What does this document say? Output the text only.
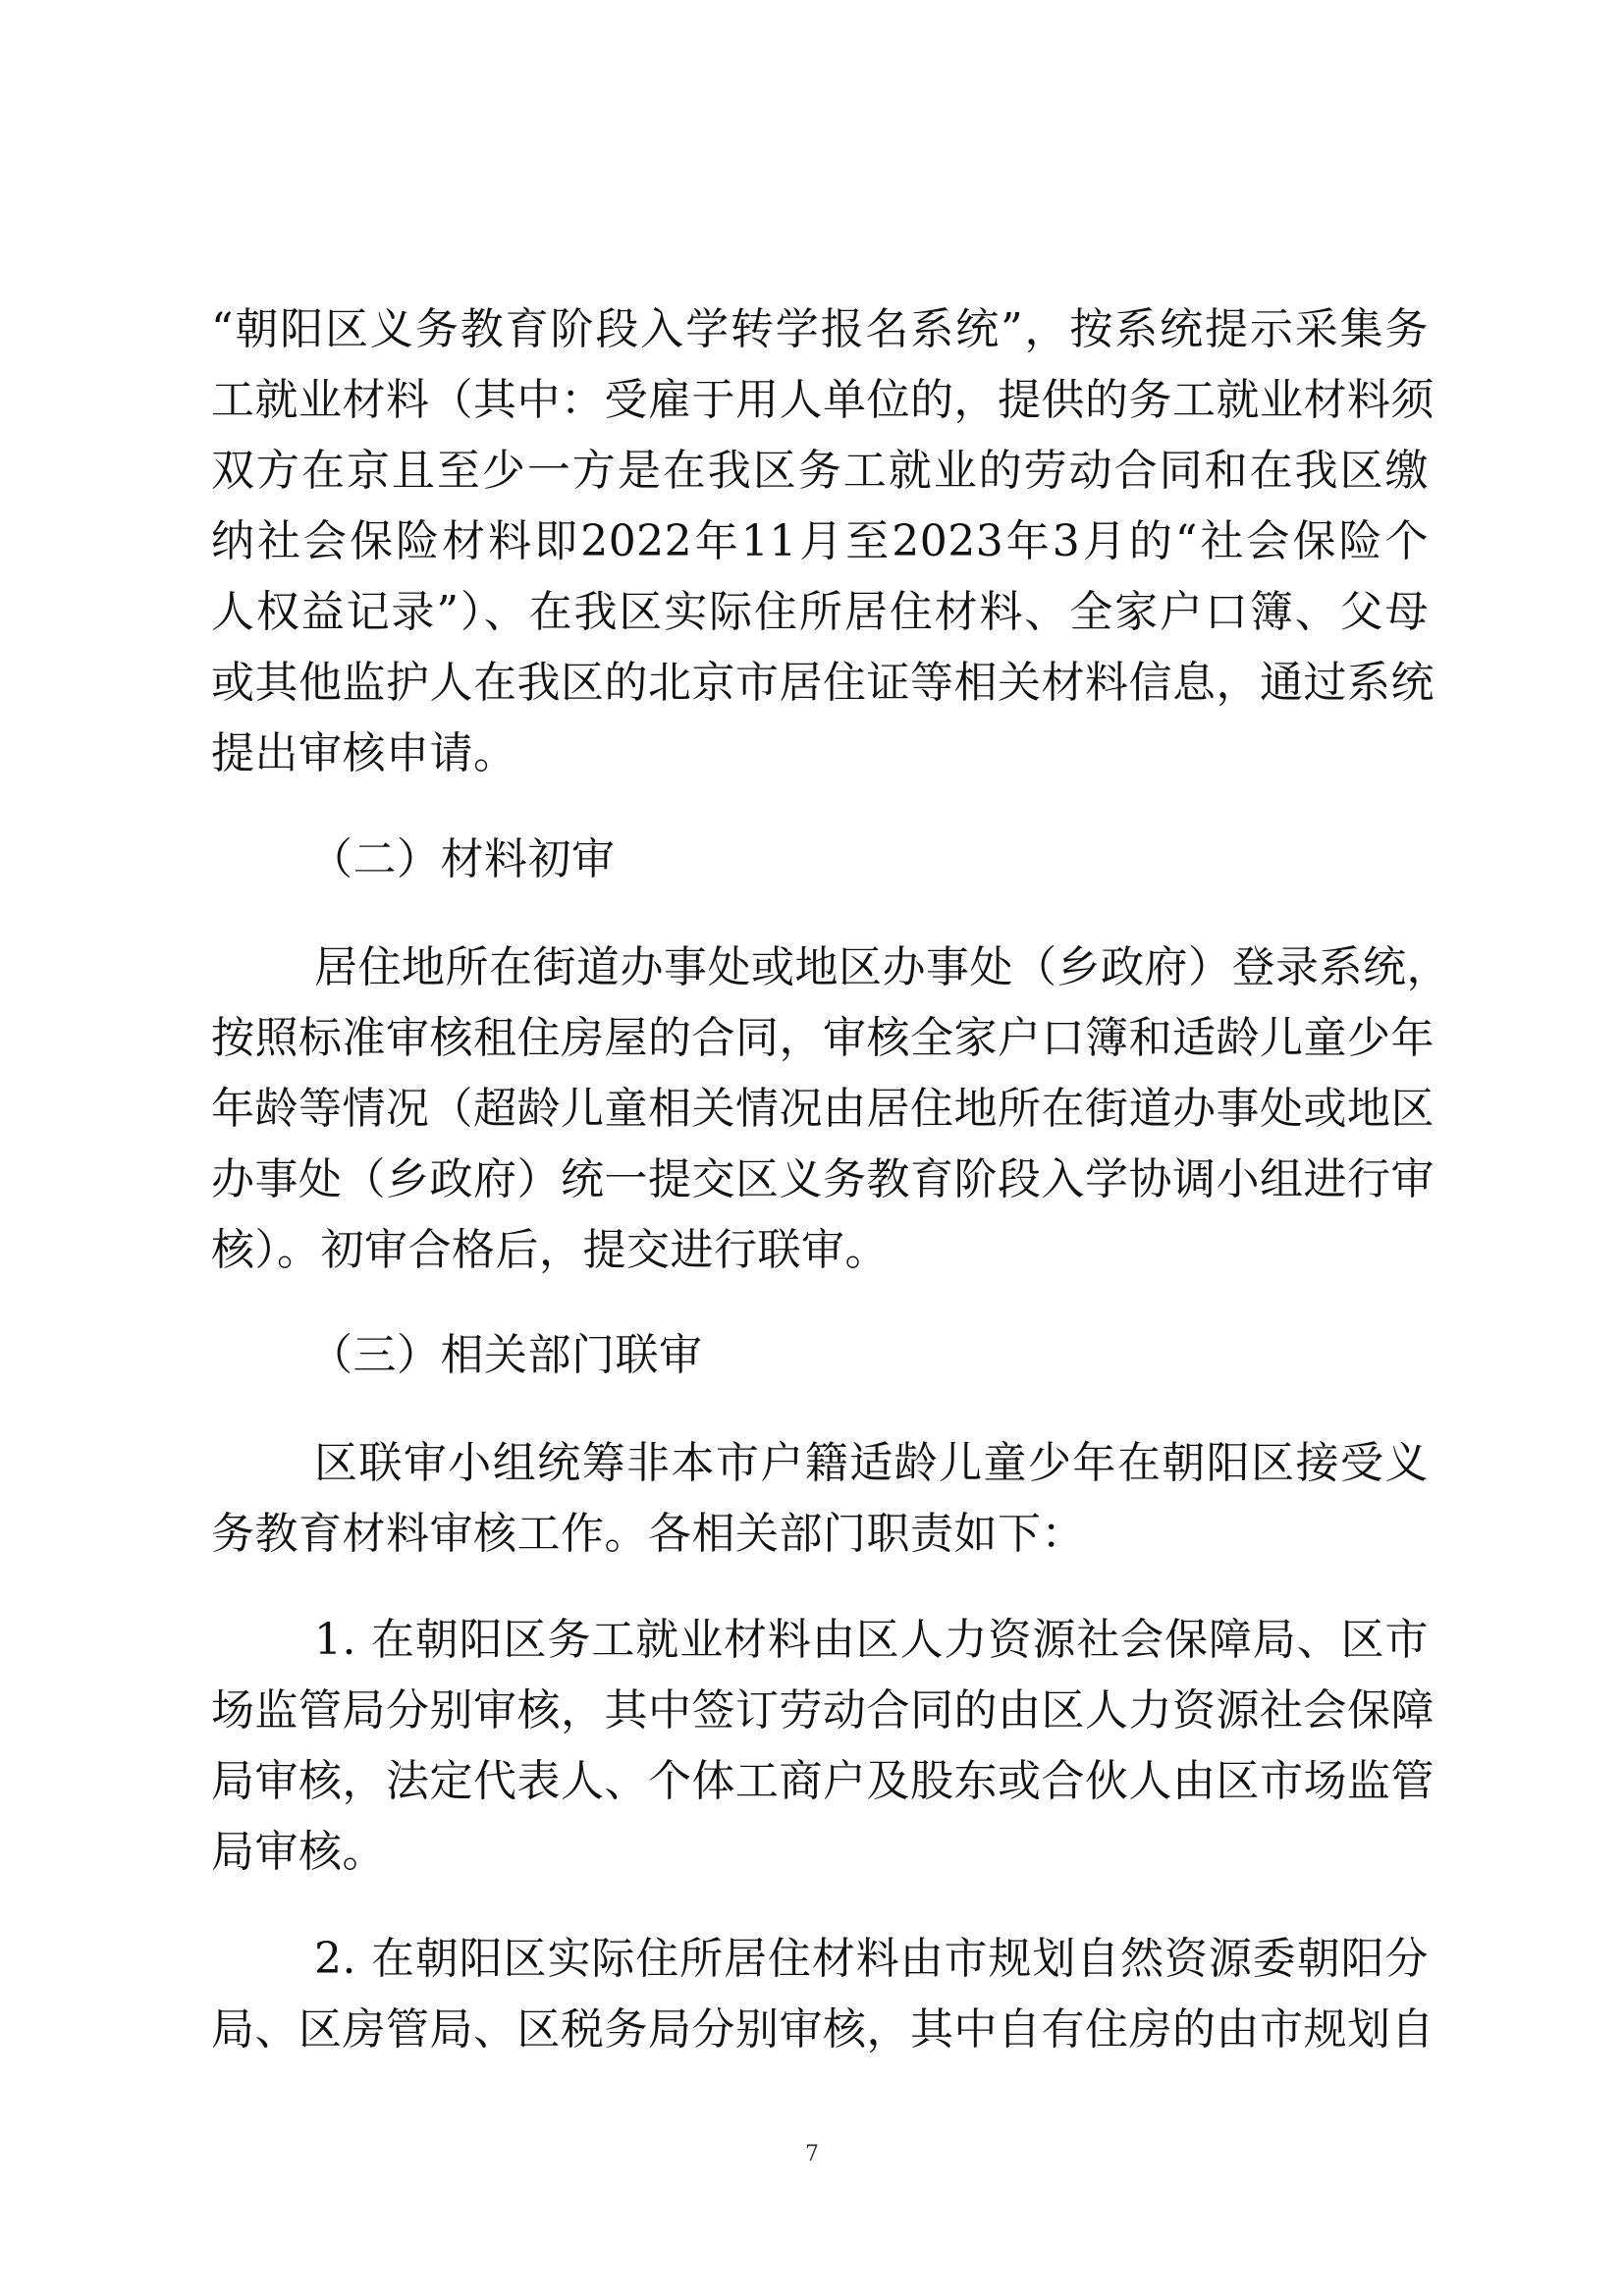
“朝阳区义务教育阶段入学转学报名系统”，按系统提示采集务
工就业材料（其中：受雇于用人单位的，提供的务工就业材料须
双方在京且至少一方是在我区务工就业的劳动合同和在我区缴
纳社会保险材料即2022年11月至2023年3月的“社会保险个
人权益记录”）、在我区实际住所居住材料、全家户口簿、父母
或其他监护人在我区的北京市居住证等相关材料信息，通过系统
提出审核申请。
（二）材料初审
居住地所在街道办事处或地区办事处（乡政府）登录系统，
按照标准审核租住房屋的合同，审核全家户口簿和适龄儿童少年
年龄等情况（超龄儿童相关情况由居住地所在街道办事处或地区
办事处（乡政府）统一提交区义务教育阶段入学协调小组进行审
核）。初审合格后，提交进行联审。
（三）相关部门联审
区联审小组统筹非本市户籍适龄儿童少年在朝阳区接受义
务教育材料审核工作。各相关部门职责如下：
1. 在朝阳区务工就业材料由区人力资源社会保障局、区市
场监管局分别审核，其中签订劳动合同的由区人力资源社会保障
局审核，法定代表人、个体工商户及股东或合伙人由区市场监管
局审核。
2. 在朝阳区实际住所居住材料由市规划自然资源委朝阳分
局、区房管局、区税务局分别审核，其中自有住房的由市规划自
7
